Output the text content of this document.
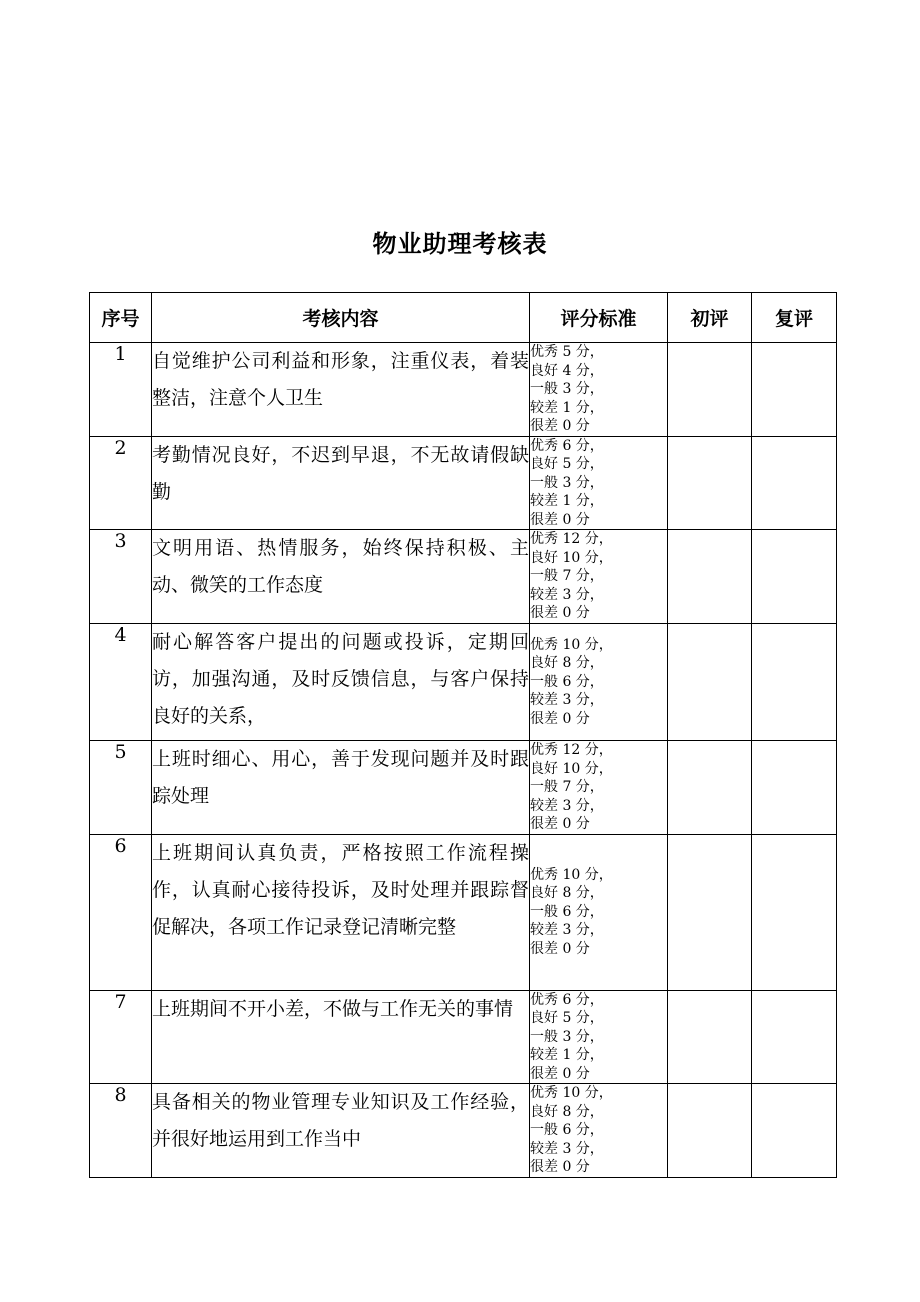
物业助理考核表
序号	考核内容	评分标准	初评	复评
1	自觉维护公司利益和形象，注重仪表，着装整洁，注意个人卫生	优秀 5 分，
良好 4 分，
一般 3 分，
较差 1 分，
很差 0 分		

2	考勤情况良好，不迟到早退，不无故请假缺勤	优秀 6 分，
良好 5 分，
一般 3 分，
较差 1 分，
很差 0 分		

3	文明用语、热情服务，始终保持积极、主动、微笑的工作态度	优秀 12 分，
良好 10 分，
一般 7 分，
较差 3 分，
很差 0 分		

4	耐心解答客户提出的问题或投诉，定期回访，加强沟通，及时反馈信息，与客户保持良好的关系，	优秀 10 分，
良好 8 分，
一般 6 分，
较差 3 分，
很差 0 分		

5	上班时细心、用心，善于发现问题并及时跟踪处理	优秀 12 分，
良好 10 分，
一般 7 分，
较差 3 分，
很差 0 分		

6	上班期间认真负责，严格按照工作流程操作，认真耐心接待投诉，及时处理并跟踪督促解决，各项工作记录登记清晰完整	优秀 10 分，
良好 8 分，
一般 6 分，
较差 3 分，
很差 0 分		

7	上班期间不开小差，不做与工作无关的事情	优秀 6 分，
良好 5 分，
一般 3 分，
较差 1 分，
很差 0 分		

8	具备相关的物业管理专业知识及工作经验，并很好地运用到工作当中	优秀 10 分，
良好 8 分，
一般 6 分，
较差 3 分，
很差 0 分		
